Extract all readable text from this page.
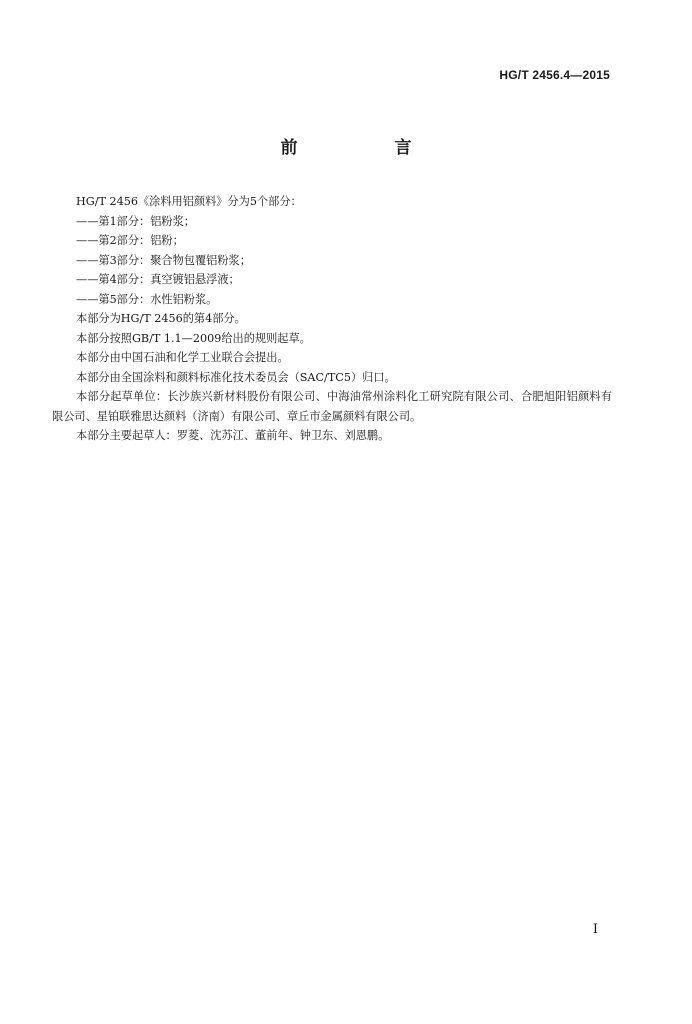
HG/T 2456.4—2015
前　言

HG/T 2456《涂料用铝颜料》分为5个部分：

——第1部分：铝粉浆；

——第2部分：铝粉；

——第3部分：聚合物包覆铝粉浆；

——第4部分：真空镀铝悬浮液；

——第5部分：水性铝粉浆。

本部分为HG/T 2456的第4部分。

本部分按照GB/T 1.1—2009给出的规则起草。

本部分由中国石油和化学工业联合会提出。

本部分由全国涂料和颜料标准化技术委员会（SAC/TC5）归口。

本部分起草单位：长沙族兴新材料股份有限公司、中海油常州涂料化工研究院有限公司、合肥旭阳铝颜料有限公司、星铂联雅思达颜料（济南）有限公司、章丘市金属颜料有限公司。

本部分主要起草人：罗菱、沈苏江、董前年、钟卫东、刘恩鹏。

I
